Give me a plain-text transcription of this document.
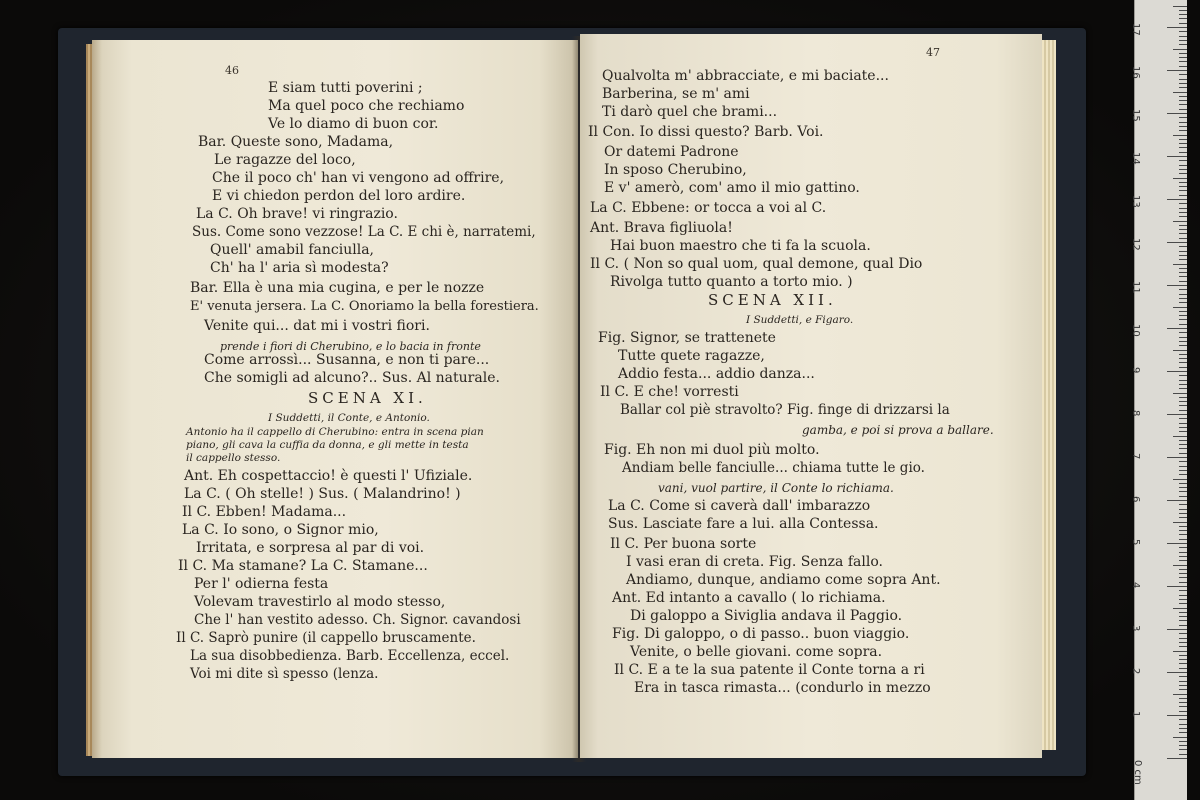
46
E siam tutti poverini ;
Ma quel poco che rechiamo
Ve lo diamo di buon cor.
Bar. Queste sono, Madama,
Le ragazze del loco,
Che il poco ch' han vi vengono ad offrire,
E vi chiedon perdon del loro ardire.
La C. Oh brave! vi ringrazio.
Sus. Come sono vezzose! La C. E chi è, narratemi,
Quell' amabil fanciulla,
Ch' ha l' aria sì modesta?
Bar. Ella è una mia cugina, e per le nozze
E' venuta jersera. La C. Onoriamo la bella forestiera.
Venite qui... dat mi i vostri fiori.
prende i fiori di Cherubino, e lo bacia in fronte
Come arrossì... Susanna, e non ti pare...
Che somigli ad alcuno?.. Sus. Al naturale.
SCENA XI.
I Suddetti, il Conte, e Antonio.
Antonio ha il cappello di Cherubino: entra in scena pian
piano, gli cava la cuffia da donna, e gli mette in testa
il cappello stesso.
Ant. Eh cospettaccio! è questi l' Ufiziale.
La C. ( Oh stelle! ) Sus. ( Malandrino! )
Il C. Ebben! Madama...
La C. Io sono, o Signor mio,
Irritata, e sorpresa al par di voi.
Il C. Ma stamane? La C. Stamane...
Per l' odierna festa
Volevam travestirlo al modo stesso,
Che l' han vestito adesso. Ch. Signor. cavandosi
Il C. Saprò punire (il cappello bruscamente.
La sua disobbedienza. Barb. Eccellenza, eccel.
Voi mi dite sì spesso (lenza.
47
Qualvolta m' abbracciate, e mi baciate...
Barberina, se m' ami
Ti darò quel che brami...
Il Con. Io dissi questo? Barb. Voi.
Or datemi Padrone
In sposo Cherubino,
E v' amerò, com' amo il mio gattino.
La C. Ebbene: or tocca a voi al C.
Ant. Brava figliuola!
Hai buon maestro che ti fa la scuola.
Il C. ( Non so qual uom, qual demone, qual Dio
Rivolga tutto quanto a torto mio. )
SCENA XII.
I Suddetti, e Figaro.
Fig. Signor, se trattenete
Tutte quete ragazze,
Addio festa... addio danza...
Il C. E che! vorresti
Ballar col piè stravolto? Fig. finge di drizzarsi la
gamba, e poi si prova a ballare.
Fig. Eh non mi duol più molto.
Andiam belle fanciulle... chiama tutte le gio.
vani, vuol partire, il Conte lo richiama.
La C. Come si caverà dall' imbarazzo
Sus. Lasciate fare a lui. alla Contessa.
Il C. Per buona sorte
I vasi eran di creta. Fig. Senza fallo.
Andiamo, dunque, andiamo come sopra Ant.
Ant. Ed intanto a cavallo ( lo richiama.
Di galoppo a Siviglia andava il Paggio.
Fig. Di galoppo, o di passo.. buon viaggio.
Venite, o belle giovani. come sopra.
Il C. E a te la sua patente il Conte torna a ri
Era in tasca rimasta... (condurlo in mezzo
1
2
3
4
5
6
7
8
9
10
11
12
13
14
15
16
17
0 cm
